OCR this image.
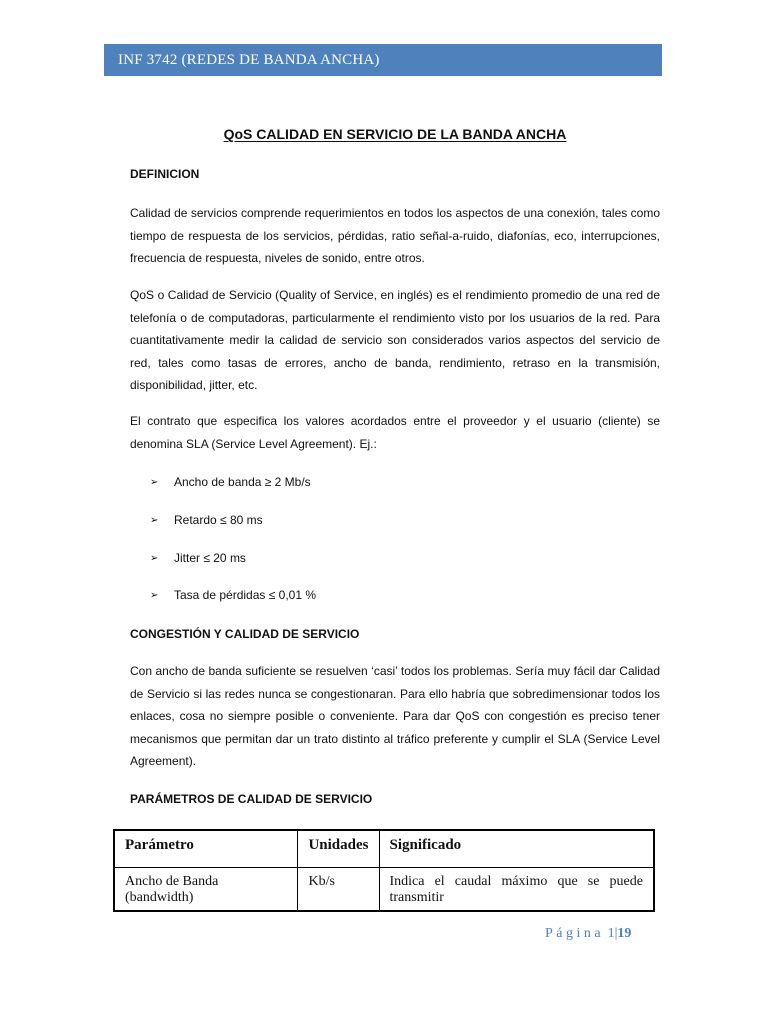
INF 3742 (REDES DE BANDA ANCHA)
QoS CALIDAD EN SERVICIO DE LA BANDA ANCHA
DEFINICION

Calidad de servicios comprende requerimientos en todos los aspectos de una conexión, tales como tiempo de respuesta de los servicios, pérdidas, ratio señal-a-ruido, diafonías, eco, interrupciones, frecuencia de respuesta, niveles de sonido, entre otros.

QoS o Calidad de Servicio (Quality of Service, en inglés) es el rendimiento promedio de una red de telefonía o de computadoras, particularmente el rendimiento visto por los usuarios de la red. Para cuantitativamente medir la calidad de servicio son considerados varios aspectos del servicio de red, tales como tasas de errores, ancho de banda, rendimiento, retraso en la transmisión, disponibilidad, jitter, etc.

El contrato que especifica los valores acordados entre el proveedor y el usuario (cliente) se denomina SLA (Service Level Agreement). Ej.:

➢	Ancho de banda ≥ 2 Mb/s
➢	Retardo ≤ 80 ms
➢	Jitter ≤ 20 ms
➢	Tasa de pérdidas ≤ 0,01 %
CONGESTIÓN Y CALIDAD DE SERVICIO

Con ancho de banda suficiente se resuelven ‘casi’ todos los problemas. Sería muy fácil dar Calidad de Servicio si las redes nunca se congestionaran. Para ello habría que sobredimensionar todos los enlaces, cosa no siempre posible o conveniente. Para dar QoS con congestión es preciso tener mecanismos que permitan dar un trato distinto al tráfico preferente y cumplir el SLA (Service Level Agreement).

PARÁMETROS DE CALIDAD DE SERVICIO
Parámetro	Unidades	Significado
Ancho de Banda (bandwidth)	Kb/s	Indica el caudal máximo que se puede transmitir
Página 1|19
